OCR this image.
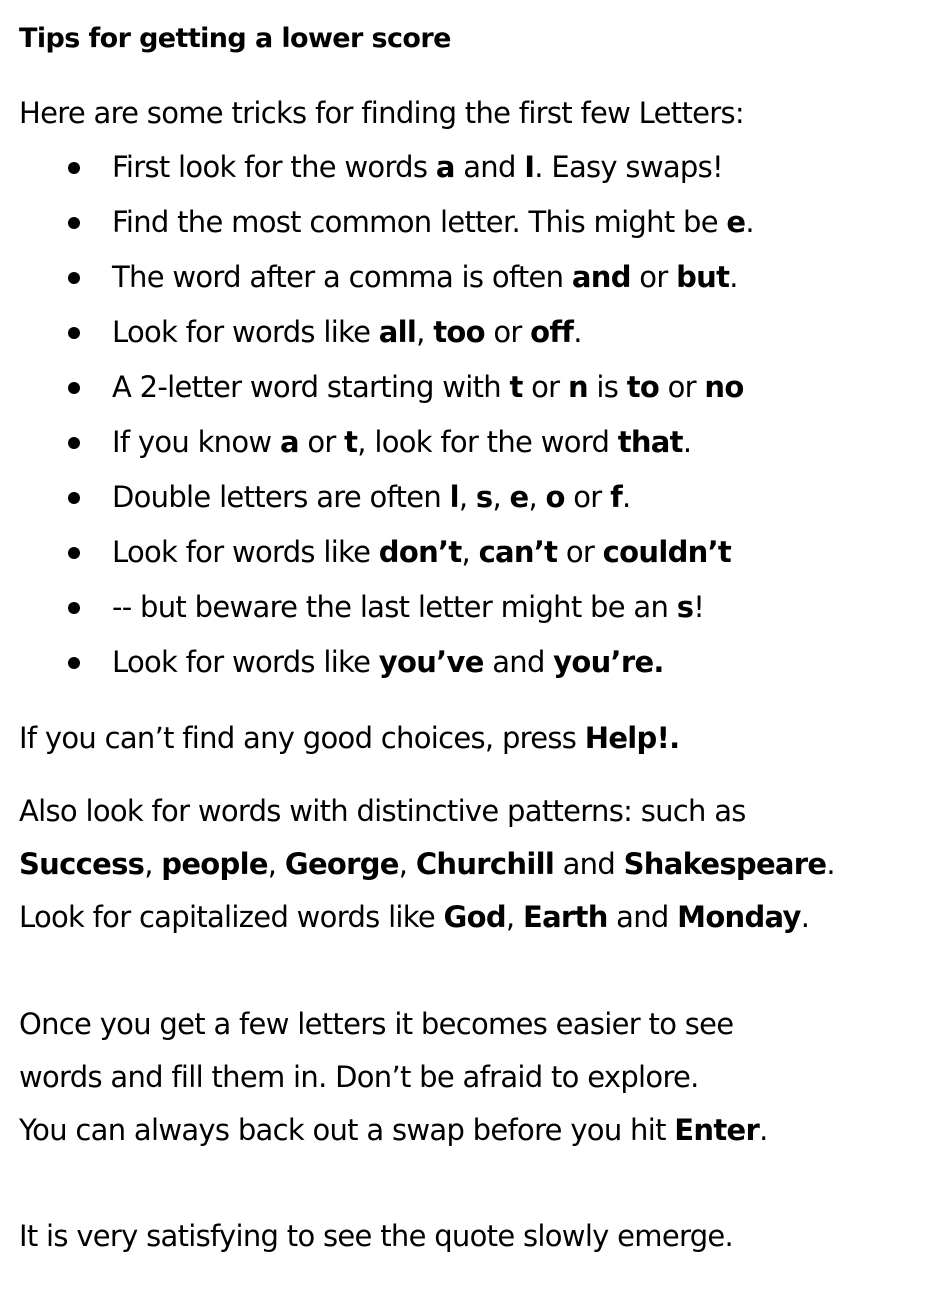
Tips for getting a lower score
Here are some tricks for finding the first few Letters:
First look for the words a and I. Easy swaps!
Find the most common letter. This might be e.
The word after a comma is often and or but.
Look for words like all, too or off.
A 2-letter word starting with t or n is to or no
If you know a or t, look for the word that.
Double letters are often l, s, e, o or f.
Look for words like don’t, can’t or couldn’t
-- but beware the last letter might be an s!
Look for words like you’ve and you’re.
If you can’t find any good choices, press Help!.
Also look for words with distinctive patterns: such as
Success, people, George, Churchill and Shakespeare.
Look for capitalized words like God, Earth and Monday.
Once you get a few letters it becomes easier to see
words and fill them in. Don’t be afraid to explore.
You can always back out a swap before you hit Enter.
It is very satisfying to see the quote slowly emerge.
